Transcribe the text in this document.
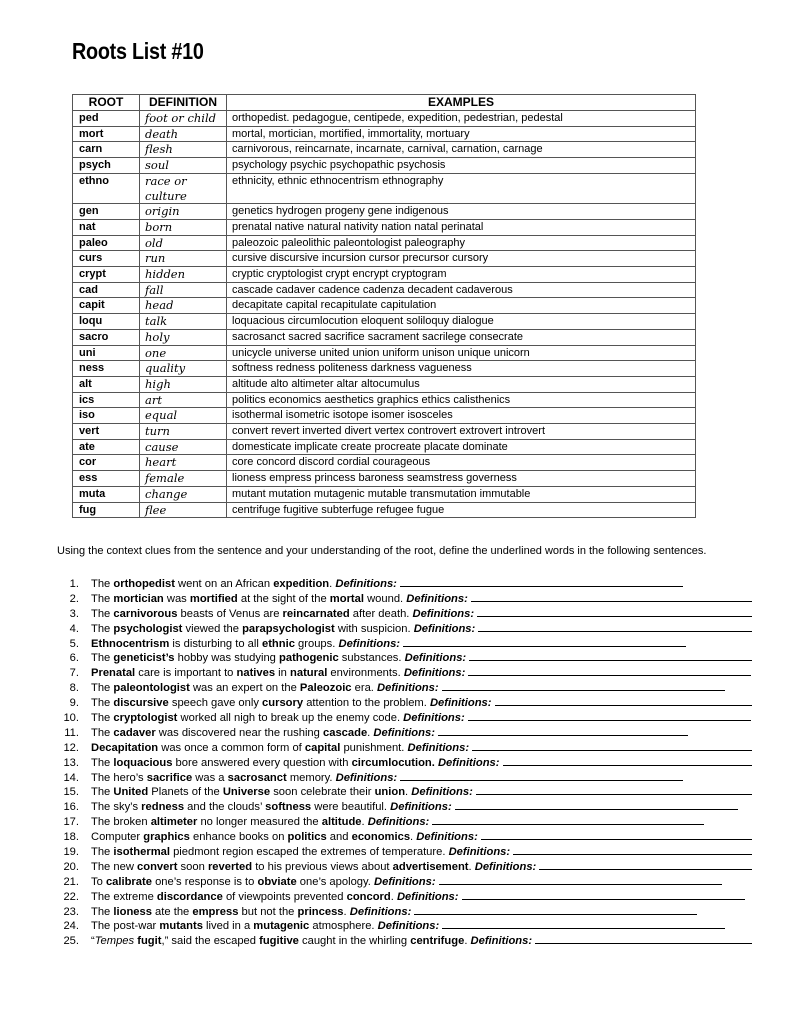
Roots List #10
ROOT	DEFINITION	EXAMPLES
ped	foot or child	orthopedist. pedagogue, centipede, expedition, pedestrian, pedestal
mort	death	mortal, mortician, mortified, immortality, mortuary
carn	flesh	carnivorous, reincarnate, incarnate, carnival, carnation, carnage
psych	soul	psychology psychic psychopathic psychosis
ethno	race or culture	ethnicity, ethnic ethnocentrism ethnography
gen	origin	genetics hydrogen progeny gene indigenous
nat	born	prenatal native natural nativity nation natal perinatal
paleo	old	paleozoic paleolithic paleontologist paleography
curs	run	cursive discursive incursion cursor precursor cursory
crypt	hidden	cryptic cryptologist crypt encrypt cryptogram
cad	fall	cascade cadaver cadence cadenza decadent cadaverous
capit	head	decapitate capital recapitulate capitulation
loqu	talk	loquacious circumlocution eloquent soliloquy dialogue
sacro	holy	sacrosanct sacred sacrifice sacrament sacrilege consecrate
uni	one	unicycle universe united union uniform unison unique unicorn
ness	quality	softness redness politeness darkness vagueness
alt	high	altitude alto altimeter altar altocumulus
ics	art	politics economics aesthetics graphics ethics calisthenics
iso	equal	isothermal isometric isotope isomer isosceles
vert	turn	convert revert inverted divert vertex controvert extrovert introvert
ate	cause	domesticate implicate create procreate placate dominate
cor	heart	core concord discord cordial courageous
ess	female	lioness empress princess baroness seamstress governess
muta	change	mutant mutation mutagenic mutable transmutation immutable
fug	flee	centrifuge fugitive subterfuge refugee fugue
Using the context clues from the sentence and your understanding of the root, define the underlined words in the following sentences.
1. The orthopedist went on an African expedition. Definitions:
2. The mortician was mortified at the sight of the mortal wound. Definitions:
3. The carnivorous beasts of Venus are reincarnated after death. Definitions:
4. The psychologist viewed the parapsychologist with suspicion. Definitions:
5. Ethnocentrism is disturbing to all ethnic groups. Definitions:
6. The geneticist’s hobby was studying pathogenic substances. Definitions:
7. Prenatal care is important to natives in natural environments. Definitions:
8. The paleontologist was an expert on the Paleozoic era. Definitions:
9. The discursive speech gave only cursory attention to the problem. Definitions:
10. The cryptologist worked all nigh to break up the enemy code. Definitions:
11. The cadaver was discovered near the rushing cascade. Definitions:
12. Decapitation was once a common form of capital punishment. Definitions:
13. The loquacious bore answered every question with circumlocution. Definitions:
14. The hero’s sacrifice was a sacrosanct memory. Definitions:
15. The United Planets of the Universe soon celebrate their union. Definitions:
16. The sky’s redness and the clouds’ softness were beautiful. Definitions:
17. The broken altimeter no longer measured the altitude. Definitions:
18. Computer graphics enhance books on politics and economics. Definitions:
19. The isothermal piedmont region escaped the extremes of temperature. Definitions:
20. The new convert soon reverted to his previous views about advertisement. Definitions:
21. To calibrate one’s response is to obviate one’s apology. Definitions:
22. The extreme discordance of viewpoints prevented concord. Definitions:
23. The lioness ate the empress but not the princess. Definitions:
24. The post-war mutants lived in a mutagenic atmosphere. Definitions:
25. “Tempes fugit,” said the escaped fugitive caught in the whirling centrifuge. Definitions:
